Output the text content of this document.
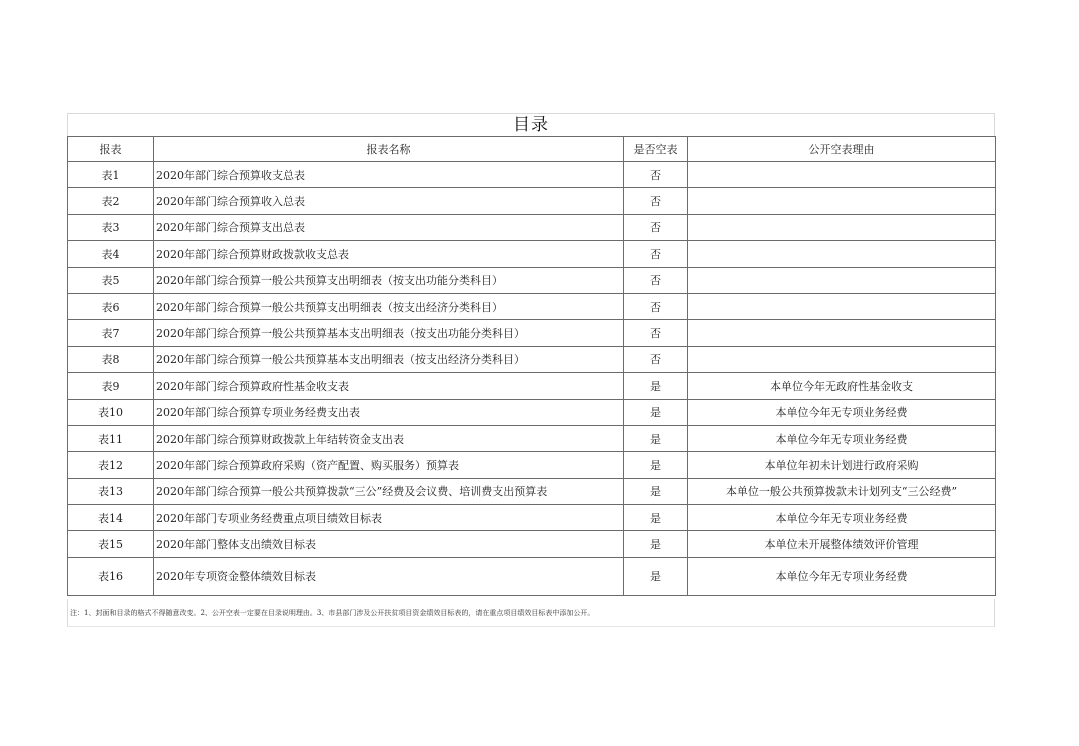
目录
报表	报表名称	是否空表	公开空表理由
表1	2020年部门综合预算收支总表	否	
表2	2020年部门综合预算收入总表	否	
表3	2020年部门综合预算支出总表	否	
表4	2020年部门综合预算财政拨款收支总表	否	
表5	2020年部门综合预算一般公共预算支出明细表（按支出功能分类科目）	否	
表6	2020年部门综合预算一般公共预算支出明细表（按支出经济分类科目）	否	
表7	2020年部门综合预算一般公共预算基本支出明细表（按支出功能分类科目）	否	
表8	2020年部门综合预算一般公共预算基本支出明细表（按支出经济分类科目）	否	
表9	2020年部门综合预算政府性基金收支表	是	本单位今年无政府性基金收支
表10	2020年部门综合预算专项业务经费支出表	是	本单位今年无专项业务经费
表11	2020年部门综合预算财政拨款上年结转资金支出表	是	本单位今年无专项业务经费
表12	2020年部门综合预算政府采购（资产配置、购买服务）预算表	是	本单位年初未计划进行政府采购
表13	2020年部门综合预算一般公共预算拨款“三公”经费及会议费、培训费支出预算表	是	本单位一般公共预算拨款未计划列支“三公经费”
表14	2020年部门专项业务经费重点项目绩效目标表	是	本单位今年无专项业务经费
表15	2020年部门整体支出绩效目标表	是	本单位未开展整体绩效评价管理
表16	2020年专项资金整体绩效目标表	是	本单位今年无专项业务经费
注：1、封面和目录的格式不得随意改变。2、公开空表一定要在目录说明理由。3、市县部门涉及公开扶贫项目资金绩效目标表的，请在重点项目绩效目标表中添加公开。
